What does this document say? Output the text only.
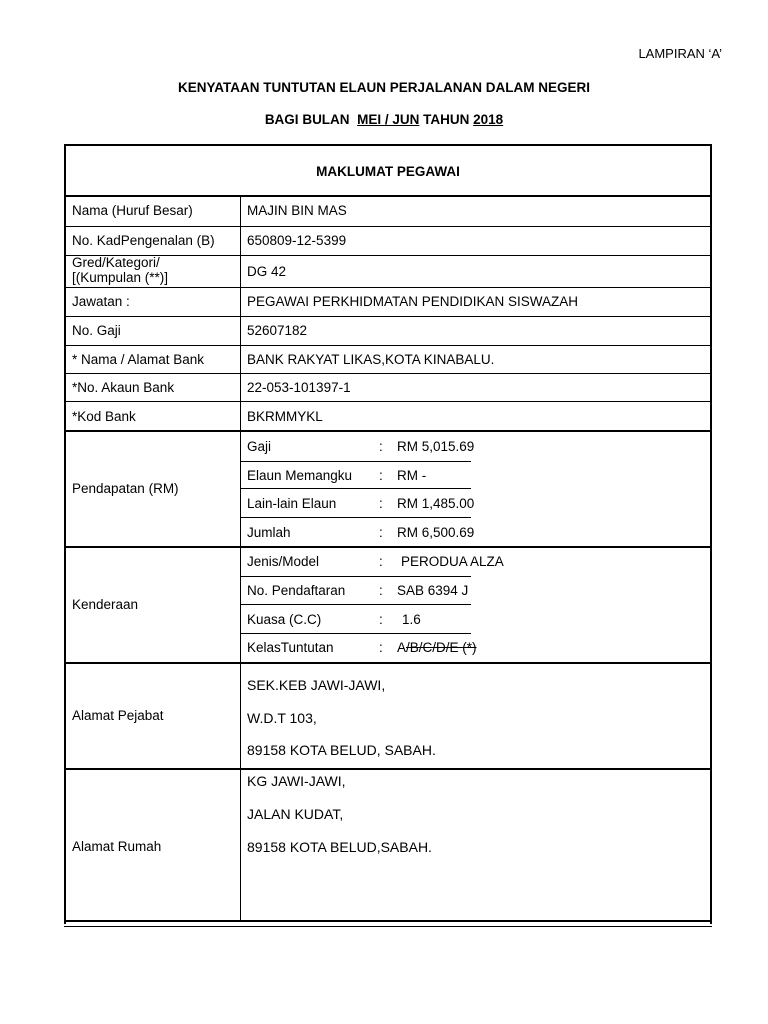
LAMPIRAN ‘A’
KENYATAAN TUNTUTAN ELAUN PERJALANAN DALAM NEGERI
BAGI BULAN MEI / JUN TAHUN 2018
MAKLUMAT PEGAWAI
Nama (Huruf Besar)	MAJIN BIN MAS
No. KadPengenalan (B) 650809-12-5399
Gred/Kategori/
[(Kumpulan (**)]	DG 42
Jawatan :	PEGAWAI PERKHIDMATAN PENDIDIKAN SISWAZAH
No. Gaji	52607182
* Nama / Alamat Bank	BANK RAKYAT LIKAS,KOTA KINABALU.
*No. Akaun Bank	22-053-101397-1
*Kod Bank	BKRMMYKL
Pendapatan (RM)
Gaji	: RM 5,015.69
Elaun Memangku : RM -
Lain-lain Elaun	: RM 1,485.00
Jumlah	: RM 6,500.69
Kenderaan
Jenis/Model	: PERODUA ALZA
No. Pendaftaran : SAB 6394 J
Kuasa (C.C)	: 1.6
KelasTuntutan	: A/B/C/D/E (*)
Alamat Pejabat
SEK.KEB JAWI-JAWI,
W.D.T 103,
89158 KOTA BELUD, SABAH.
Alamat Rumah
KG JAWI-JAWI,
JALAN KUDAT,
89158 KOTA BELUD,SABAH.
